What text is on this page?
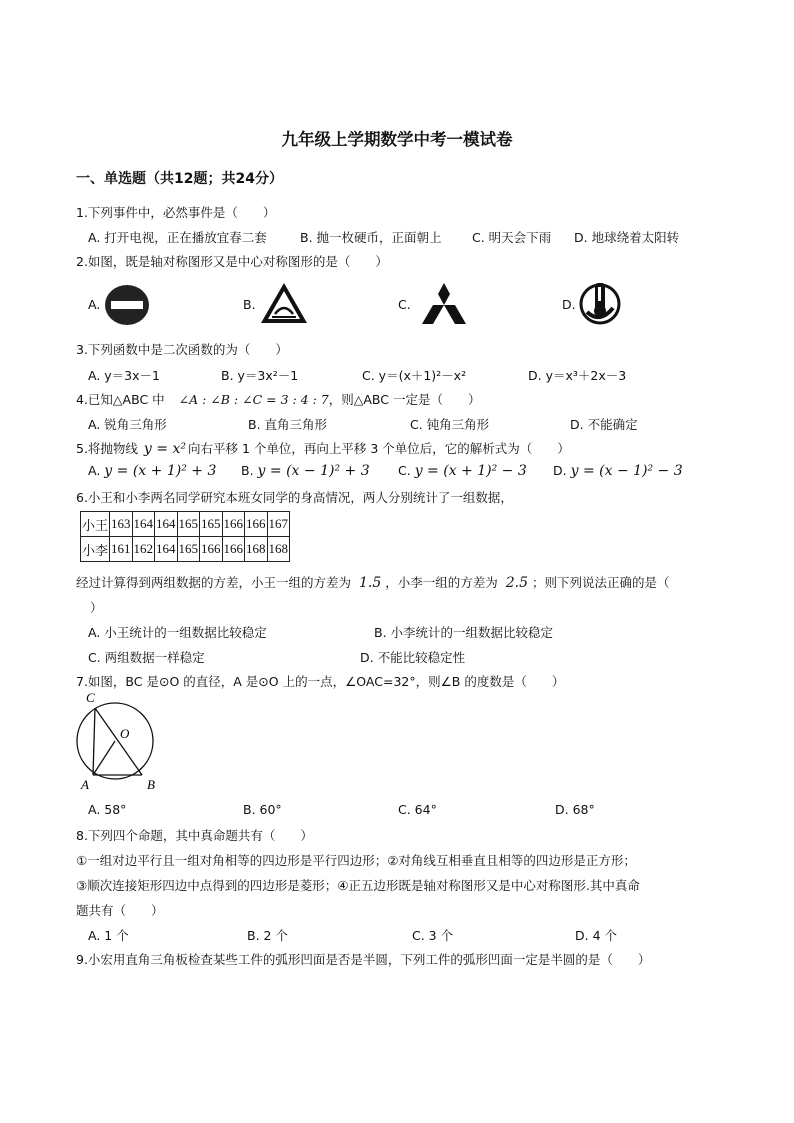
九年级上学期数学中考一模试卷
一、单选题（共12题；共24分）
1.下列事件中，必然事件是（　　）
A. 打开电视，正在播放宜春二套	B. 抛一枚硬币，正面朝上 C. 明天会下雨 D. 地球绕着太阳转
2.如图，既是轴对称图形又是中心对称图形的是（　　）
A.	B.	C.	D.
3.下列函数中是二次函数的为（　　）
A. y＝3x－1	B. y＝3x²－1	C. y＝(x＋1)²－x²	D. y＝x³＋2x－3
4.已知△ABC 中 ∠A : ∠B : ∠C = 3 : 4 : 7，则△ABC 一定是（　　）
A. 锐角三角形	B. 直角三角形	C. 钝角三角形	D. 不能确定
5.将抛物线 y = x² 向右平移 1 个单位，再向上平移 3 个单位后，它的解析式为（　　）
A. y = (x + 1)² + 3 B. y = (x − 1)² + 3 C. y = (x + 1)² − 3 D. y = (x − 1)² − 3
6.小王和小李两名同学研究本班女同学的身高情况，两人分别统计了一组数据，
小王	163	164	164	165	165	166	166	167
小李	161	162	164	165	166	166	168	168
经过计算得到两组数据的方差，小王一组的方差为 1.5 ，小李一组的方差为 2.5 ；则下列说法正确的是（
）
A. 小王统计的一组数据比较稳定	B. 小李统计的一组数据比较稳定
C. 两组数据一样稳定	D. 不能比较稳定性
7.如图，BC 是⊙O 的直径，A 是⊙O 上的一点，∠OAC=32°，则∠B 的度数是（　　）
C
O
A	B
A. 58°	B. 60°	C. 64°	D. 68°
8.下列四个命题，其中真命题共有（　　）
①一组对边平行且一组对角相等的四边形是平行四边形；②对角线互相垂直且相等的四边形是正方形；
③顺次连接矩形四边中点得到的四边形是菱形；④正五边形既是轴对称图形又是中心对称图形.其中真命
题共有（　　）
A. 1 个	B. 2 个	C. 3 个	D. 4 个
9.小宏用直角三角板检查某些工件的弧形凹面是否是半圆，下列工件的弧形凹面一定是半圆的是（　　）
